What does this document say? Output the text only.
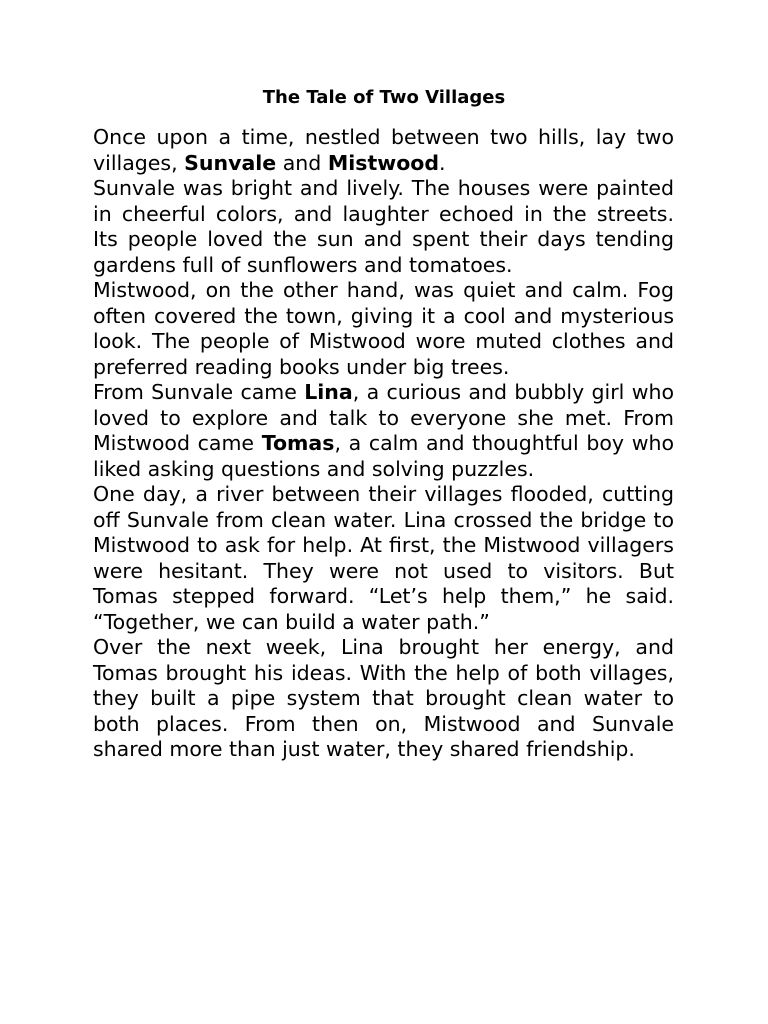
The Tale of Two Villages

Once upon a time, nestled between two hills, lay two villages, Sunvale and Mistwood.

Sunvale was bright and lively. The houses were painted in cheerful colors, and laughter echoed in the streets. Its people loved the sun and spent their days tending gardens full of sunflowers and tomatoes.

Mistwood, on the other hand, was quiet and calm. Fog often covered the town, giving it a cool and mysterious look. The people of Mistwood wore muted clothes and preferred reading books under big trees.

From Sunvale came Lina, a curious and bubbly girl who loved to explore and talk to everyone she met. From Mistwood came Tomas, a calm and thoughtful boy who liked asking questions and solving puzzles.

One day, a river between their villages flooded, cutting off Sunvale from clean water. Lina crossed the bridge to Mistwood to ask for help. At first, the Mistwood villagers were hesitant. They were not used to visitors. But Tomas stepped forward. “Let’s help them,” he said. “Together, we can build a water path.”

Over the next week, Lina brought her energy, and Tomas brought his ideas. With the help of both villages, they built a pipe system that brought clean water to both places. From then on, Mistwood and Sunvale shared more than just water, they shared friendship.
